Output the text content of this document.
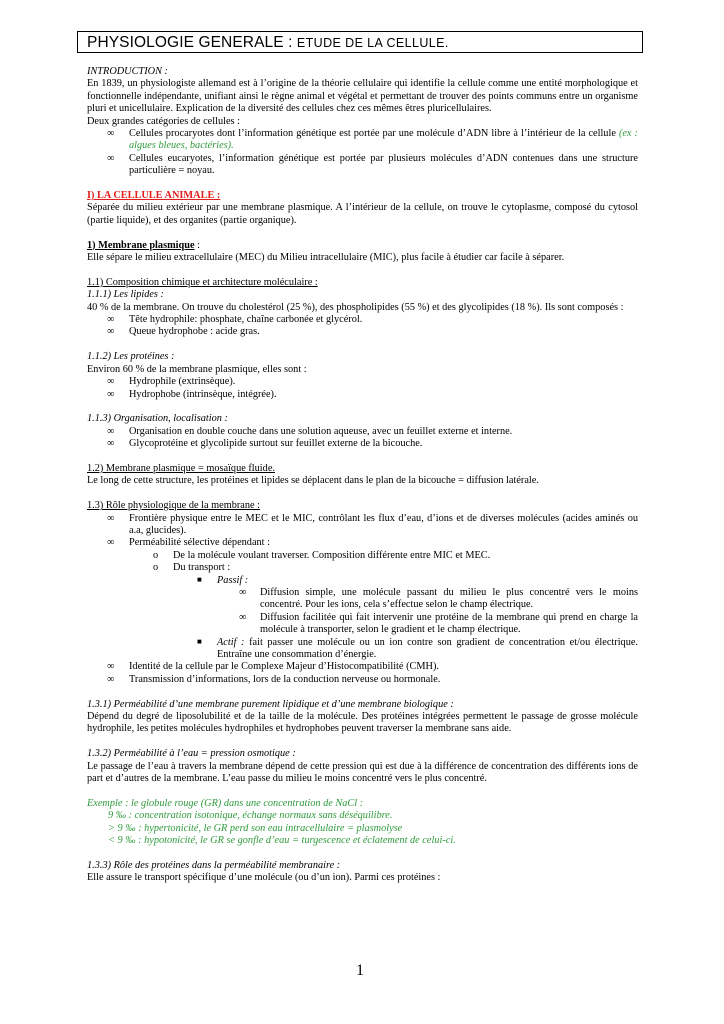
PHYSIOLOGIE GENERALE : ETUDE DE LA CELLULE.

INTRODUCTION :

En 1839, un physiologiste allemand est à l’origine de la théorie cellulaire qui identifie la cellule comme une entité morphologique et fonctionnelle indépendante, unifiant ainsi le règne animal et végétal et permettant de trouver des points communs entre un organisme pluri et unicellulaire. Explication de la diversité des cellules chez ces mêmes êtres pluricellulaires.

Deux grandes catégories de cellules :

∞ Cellules procaryotes dont l’information génétique est portée par une molécule d’ADN libre à l’intérieur de la cellule (ex : algues bleues, bactéries).

∞ Cellules eucaryotes, l’information génétique est portée par plusieurs molécules d’ADN contenues dans une structure particulière = noyau.

I) LA CELLULE ANIMALE :

Séparée du milieu extérieur par une membrane plasmique. A l’intérieur de la cellule, on trouve le cytoplasme, composé du cytosol (partie liquide), et des organites (partie organique).

1) Membrane plasmique :

Elle sépare le milieu extracellulaire (MEC) du Milieu intracellulaire (MIC), plus facile à étudier car facile à séparer.

1.1) Composition chimique et architecture moléculaire :

1.1.1) Les lipides :

40 % de la membrane. On trouve du cholestérol (25 %), des phospholipides (55 %) et des glycolipides (18 %). Ils sont composés :

∞ Tête hydrophile: phosphate, chaîne carbonée et glycérol.

∞ Queue hydrophobe : acide gras.

1.1.2) Les protéines :

Environ 60 % de la membrane plasmique, elles sont :

∞ Hydrophile (extrinsèque).

∞ Hydrophobe (intrinsèque, intégrée).

1.1.3) Organisation, localisation :

∞ Organisation en double couche dans une solution aqueuse, avec un feuillet externe et interne.

∞ Glycoprotéine et glycolipide surtout sur feuillet externe de la bicouche.

1.2) Membrane plasmique = mosaïque fluide.

Le long de cette structure, les protéines et lipides se déplacent dans le plan de la bicouche = diffusion latérale.

1.3) Rôle physiologique de la membrane :

∞ Frontière physique entre le MEC et le MIC, contrôlant les flux d’eau, d’ions et de diverses molécules (acides aminés ou a.a, glucides).

∞ Perméabilité sélective dépendant :

o De la molécule voulant traverser. Composition différente entre MIC et MEC.

o Du transport :

■ Passif :

∞ Diffusion simple, une molécule passant du milieu le plus concentré vers le moins concentré. Pour les ions, cela s’effectue selon le champ électrique.

∞ Diffusion facilitée qui fait intervenir une protéine de la membrane qui prend en charge la molécule à transporter, selon le gradient et le champ électrique.

■ Actif : fait passer une molécule ou un ion contre son gradient de concentration et/ou électrique. Entraîne une consommation d’énergie.

∞ Identité de la cellule par le Complexe Majeur d’Histocompatibilité (CMH).

∞ Transmission d’informations, lors de la conduction nerveuse ou hormonale.

1.3.1) Perméabilité d’une membrane purement lipidique et d’une membrane biologique :

Dépend du degré de liposolubilité et de la taille de la molécule. Des protéines intégrées permettent le passage de grosse molécule hydrophile, les petites molécules hydrophiles et hydrophobes peuvent traverser la membrane sans aide.

1.3.2) Perméabilité à l’eau = pression osmotique :

Le passage de l’eau à travers la membrane dépend de cette pression qui est due à la différence de concentration des différents ions de part et d’autres de la membrane. L’eau passe du milieu le moins concentré vers le plus concentré.

Exemple : le globule rouge (GR) dans une concentration de NaCl :

9 ‰ : concentration isotonique, échange normaux sans déséquilibre.

> 9 ‰ : hypertonicité, le GR perd son eau intracellulaire = plasmolyse

< 9 ‰ : hypotonicité, le GR se gonfle d’eau = turgescence et éclatement de celui-ci.

1.3.3) Rôle des protéines dans la perméabilité membranaire :

Elle assure le transport spécifique d’une molécule (ou d’un ion). Parmi ces protéines :

1
